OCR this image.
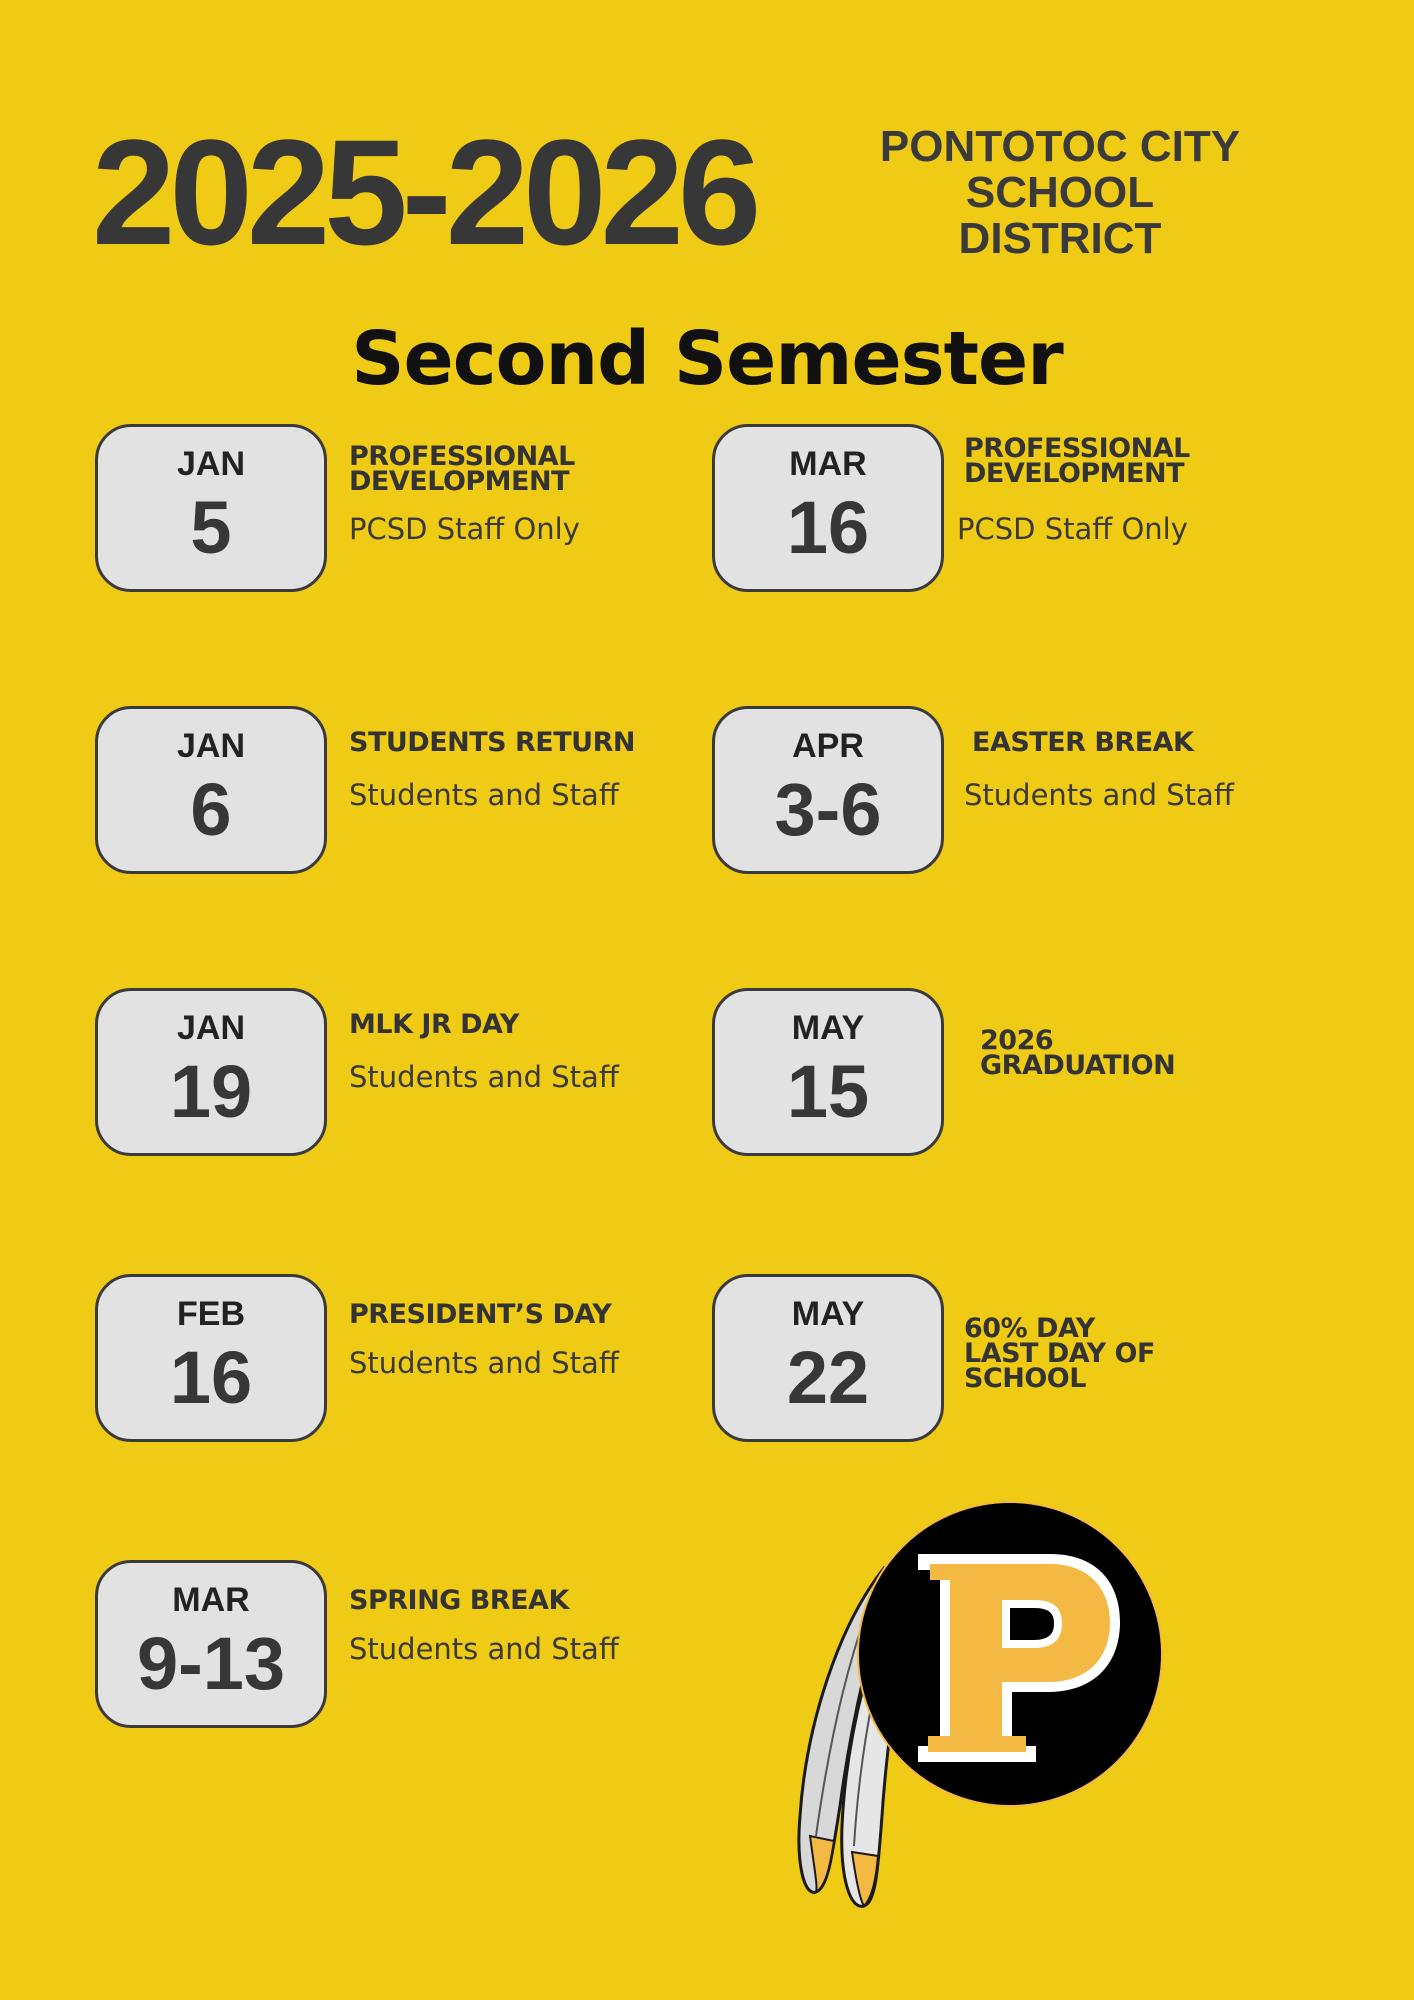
2025-2026	PONTOTOC CITY
SCHOOL
DISTRICT
Second Semester
JAN
5
PROFESSIONAL
DEVELOPMENT
PCSD Staff Only
JAN
6
STUDENTS RETURN
Students and Staff
JAN
19
MLK JR DAY
Students and Staff
FEB
16
PRESIDENT’S DAY
Students and Staff
MAR
9-13
SPRING BREAK
Students and Staff
MAR
16
PROFESSIONAL
DEVELOPMENT
PCSD Staff Only
APR
3-6
EASTER BREAK
Students and Staff
MAY
15
2026
GRADUATION
MAY
22
60% DAY
LAST DAY OF
SCHOOL
